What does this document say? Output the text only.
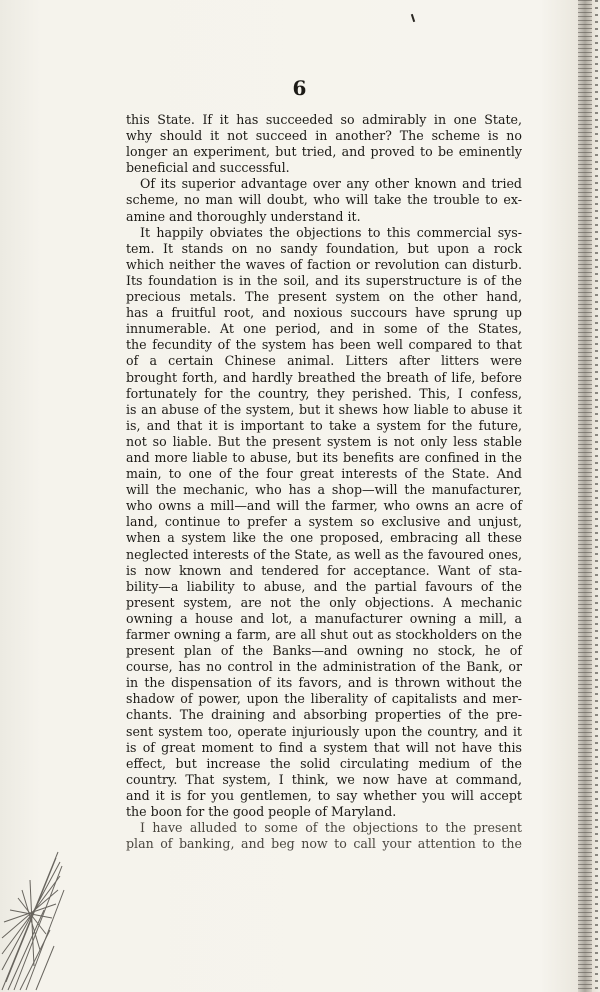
6
this State. If it has succeeded so admirably in one State,
why should it not succeed in another? The scheme is no
longer an experiment, but tried, and proved to be eminently
beneficial and successful.
Of its superior advantage over any other known and tried
scheme, no man will doubt, who will take the trouble to ex-
amine and thoroughly understand it.
It happily obviates the objections to this commercial sys-
tem. It stands on no sandy foundation, but upon a rock
which neither the waves of faction or revolution can disturb.
Its foundation is in the soil, and its superstructure is of the
precious metals. The present system on the other hand,
has a fruitful root, and noxious succours have sprung up
innumerable. At one period, and in some of the States,
the fecundity of the system has been well compared to that
of a certain Chinese animal. Litters after litters were
brought forth, and hardly breathed the breath of life, before
fortunately for the country, they perished. This, I confess,
is an abuse of the system, but it shews how liable to abuse it
is, and that it is important to take a system for the future,
not so liable. But the present system is not only less stable
and more liable to abuse, but its benefits are confined in the
main, to one of the four great interests of the State. And
will the mechanic, who has a shop—will the manufacturer,
who owns a mill—and will the farmer, who owns an acre of
land, continue to prefer a system so exclusive and unjust,
when a system like the one proposed, embracing all these
neglected interests of the State, as well as the favoured ones,
is now known and tendered for acceptance. Want of sta-
bility—a liability to abuse, and the partial favours of the
present system, are not the only objections. A mechanic
owning a house and lot, a manufacturer owning a mill, a
farmer owning a farm, are all shut out as stockholders on the
present plan of the Banks—and owning no stock, he of
course, has no control in the administration of the Bank, or
in the dispensation of its favors, and is thrown without the
shadow of power, upon the liberality of capitalists and mer-
chants. The draining and absorbing properties of the pre-
sent system too, operate injuriously upon the country, and it
is of great moment to find a system that will not have this
effect, but increase the solid circulating medium of the
country. That system, I think, we now have at command,
and it is for you gentlemen, to say whether you will accept
the boon for the good people of Maryland.
I have alluded to some of the objections to the present
plan of banking, and beg now to call your attention to the
